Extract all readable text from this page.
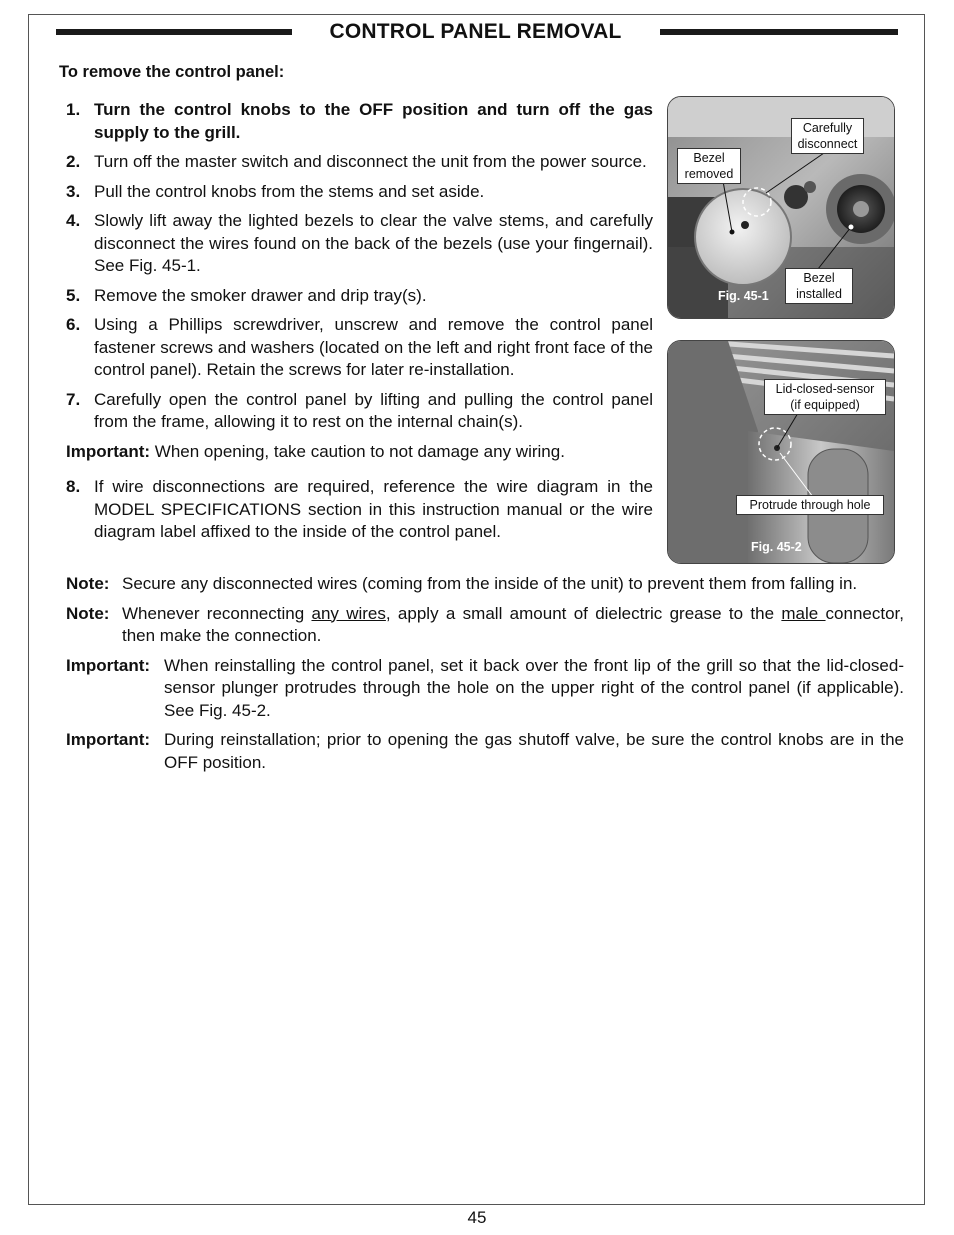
CONTROL PANEL REMOVAL
To remove the control panel:
1. Turn the control knobs to the OFF position and turn off the gas supply to the grill.
2. Turn off the master switch and disconnect the unit from the power source.
3. Pull the control knobs from the stems and set aside.
4. Slowly lift away the lighted bezels to clear the valve stems, and carefully disconnect the wires found on the back of the bezels (use your fingernail). See Fig. 45-1.
5. Remove the smoker drawer and drip tray(s).
6. Using a Phillips screwdriver, unscrew and remove the control panel fastener screws and washers (located on the left and right front face of the control panel). Retain the screws for later re-installation.
7. Carefully open the control panel by lifting and pulling the control panel from the frame, allowing it to rest on the internal chain(s).
Important: When opening, take caution to not damage any wiring.
8. If wire disconnections are required, reference the wire diagram in the MODEL SPECIFICATIONS section in this instruction manual or the wire diagram label affixed to the inside of the control panel.
Note: Secure any disconnected wires (coming from the inside of the unit) to prevent them from falling in.
Note: Whenever reconnecting any wires, apply a small amount of dielectric grease to the male connector, then make the connection.
Important: When reinstalling the control panel, set it back over the front lip of the grill so that the lid-closed-sensor plunger protrudes through the hole on the upper right of the control panel (if applicable). See Fig. 45-2.
Important: During reinstallation; prior to opening the gas shutoff valve, be sure the control knobs are in the OFF position.
Bezel removed
Carefully disconnect
Bezel installed
Fig. 45-1
Lid-closed-sensor (if equipped)
Protrude through hole
Fig. 45-2
45
